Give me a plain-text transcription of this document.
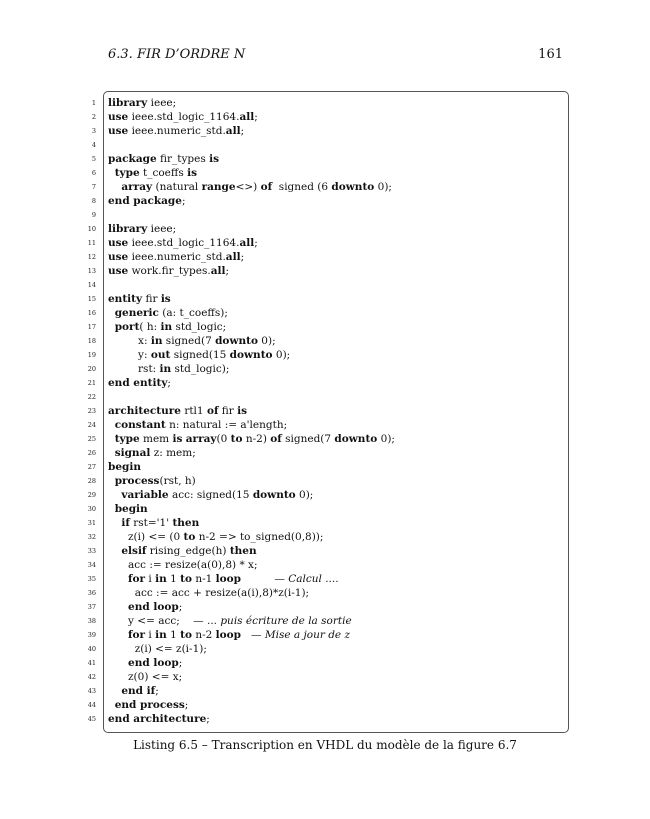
6.3. FIR D’ORDRE N	161
1 library ieee;
2 use ieee.std_logic_1164.all;
3 use ieee.numeric_std.all;
4
5 package fir_types is
6	type t_coeffs is
7	array (natural range<>) of  signed (6 downto 0);
8 end package;
9
10 library ieee;
11 use ieee.std_logic_1164.all;
12 use ieee.numeric_std.all;
13 use work.fir_types.all;
14
15 entity fir is
16	generic (a: t_coeffs);
17	port( h: in std_logic;
18 x: in signed(7 downto 0);
19 y: out signed(15 downto 0);
20 rst: in std_logic);
21 end entity;
22
23 architecture rtl1 of fir is
24	constant n: natural := a'length;
25	type mem is array(0 to n-2) of signed(7 downto 0);
26	signal z: mem;
27 begin
28	process(rst, h)
29	variable acc: signed(15 downto 0);
30	begin
31	if rst='1' then
32 z(i) <= (0 to n-2 => to_signed(0,8));
33	elsif rising_edge(h) then
34 acc := resize(a(0),8) * x;
35	for i in 1 to n-1 loop	— Calcul ....
36 acc := acc + resize(a(i),8)*z(i-1);
37	end loop;
38 y <= acc;    — ... puis écriture de la sortie
39	for i in 1 to n-2 loop — Mise a jour de z
40 z(i) <= z(i-1);
41	end loop;
42 z(0) <= x;
43	end if;
44	end process;
45 end architecture;
Listing 6.5 – Transcription en VHDL du modèle de la figure 6.7
